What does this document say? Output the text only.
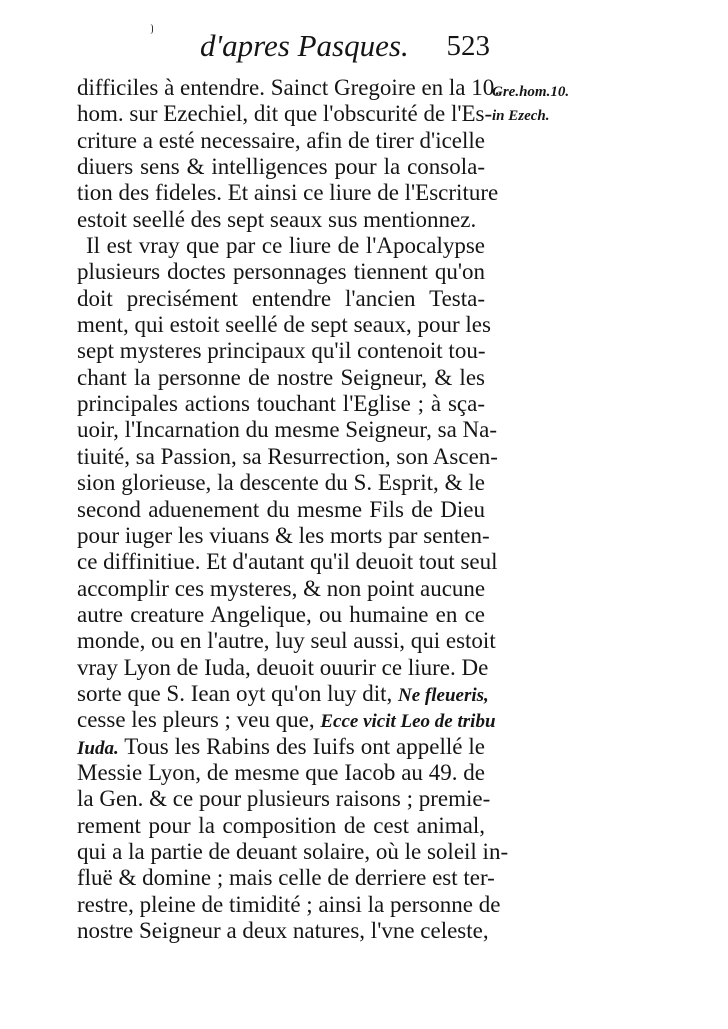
d'apres Pasques. 523
Gre.hom.10.
in Ezech.
difficiles à entendre. Sainct Gregoire en la 10.
hom. sur Ezechiel, dit que l'obscurité de l'Es-
criture a esté necessaire, afin de tirer d'icelle
diuers sens & intelligences pour la consola-
tion des fideles. Et ainsi ce liure de l'Escriture
estoit seellé des sept seaux sus mentionnez.
Il est vray que par ce liure de l'Apocalypse
plusieurs doctes personnages tiennent qu'on
doit precisément entendre l'ancien Testa-
ment, qui estoit seellé de sept seaux, pour les
sept mysteres principaux qu'il contenoit tou-
chant la personne de nostre Seigneur, & les
principales actions touchant l'Eglise ; à sça-
uoir, l'Incarnation du mesme Seigneur, sa Na-
tiuité, sa Passion, sa Resurrection, son Ascen-
sion glorieuse, la descente du S. Esprit, & le
second aduenement du mesme Fils de Dieu
pour iuger les viuans & les morts par senten-
ce diffinitiue. Et d'autant qu'il deuoit tout seul
accomplir ces mysteres, & non point aucune
autre creature Angelique, ou humaine en ce
monde, ou en l'autre, luy seul aussi, qui estoit
vray Lyon de Iuda, deuoit ouurir ce liure. De
sorte que S. Iean oyt qu'on luy dit, Ne fleueris,
cesse les pleurs ; veu que, Ecce vicit Leo de tribu
Iuda. Tous les Rabins des Iuifs ont appellé le
Messie Lyon, de mesme que Iacob au 49. de
la Gen. & ce pour plusieurs raisons ; premie-
rement pour la composition de cest animal,
qui a la partie de deuant solaire, où le soleil in-
fluë & domine ; mais celle de derriere est ter-
restre, pleine de timidité ; ainsi la personne de
nostre Seigneur a deux natures, l'vne celeste,
